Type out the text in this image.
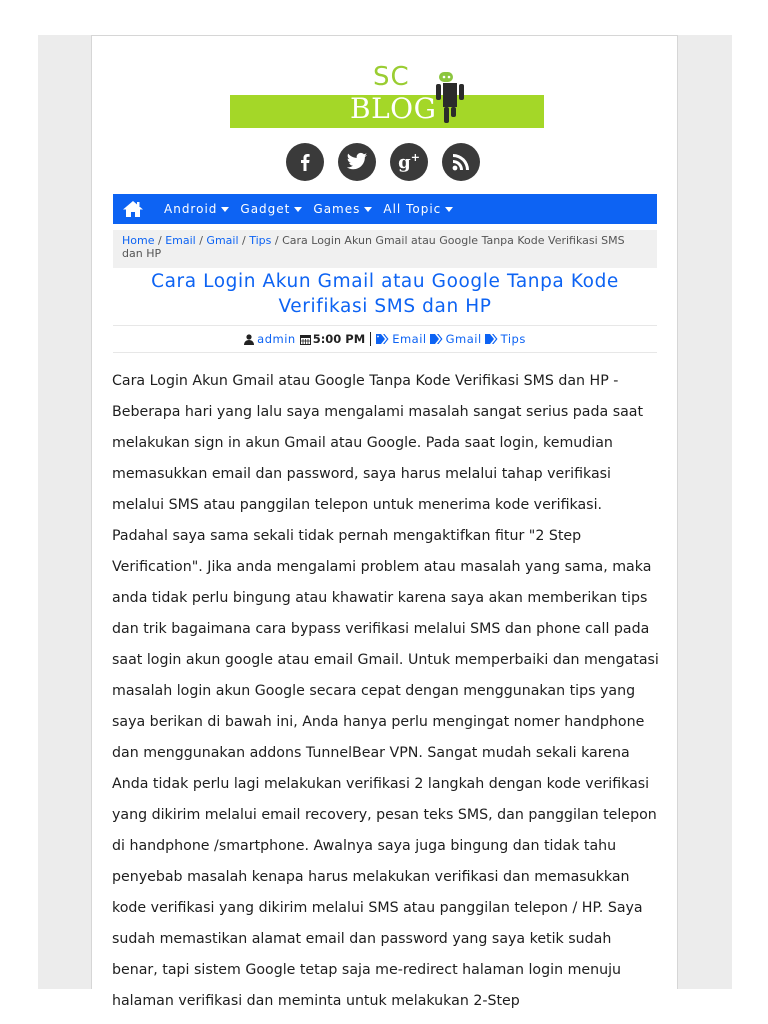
SC
BLOG
g+
Android Gadget Games All Topic
Home / Email / Gmail / Tips / Cara Login Akun Gmail atau Google Tanpa Kode Verifikasi SMS dan HP
Cara Login Akun Gmail atau Google Tanpa Kode Verifikasi SMS dan HP
admin 5:00 PM Email Gmail Tips

Cara Login Akun Gmail atau Google Tanpa Kode Verifikasi SMS dan HP - Beberapa hari yang lalu saya mengalami masalah sangat serius pada saat melakukan sign in akun Gmail atau Google. Pada saat login, kemudian memasukkan email dan password, saya harus melalui tahap verifikasi melalui SMS atau panggilan telepon untuk menerima kode verifikasi. Padahal saya sama sekali tidak pernah mengaktifkan fitur "2 Step Verification". Jika anda mengalami problem atau masalah yang sama, maka anda tidak perlu bingung atau khawatir karena saya akan memberikan tips dan trik bagaimana cara bypass verifikasi melalui SMS dan phone call pada saat login akun google atau email Gmail. Untuk memperbaiki dan mengatasi masalah login akun Google secara cepat dengan menggunakan tips yang saya berikan di bawah ini, Anda hanya perlu mengingat nomer handphone dan menggunakan addons TunnelBear VPN. Sangat mudah sekali karena Anda tidak perlu lagi melakukan verifikasi 2 langkah dengan kode verifikasi yang dikirim melalui email recovery, pesan teks SMS, dan panggilan telepon di handphone /smartphone. Awalnya saya juga bingung dan tidak tahu penyebab masalah kenapa harus melakukan verifikasi dan memasukkan kode verifikasi yang dikirim melalui SMS atau panggilan telepon / HP. Saya sudah memastikan alamat email dan password yang saya ketik sudah benar, tapi sistem Google tetap saja me-redirect halaman login menuju halaman verifikasi dan meminta untuk melakukan 2-Step
